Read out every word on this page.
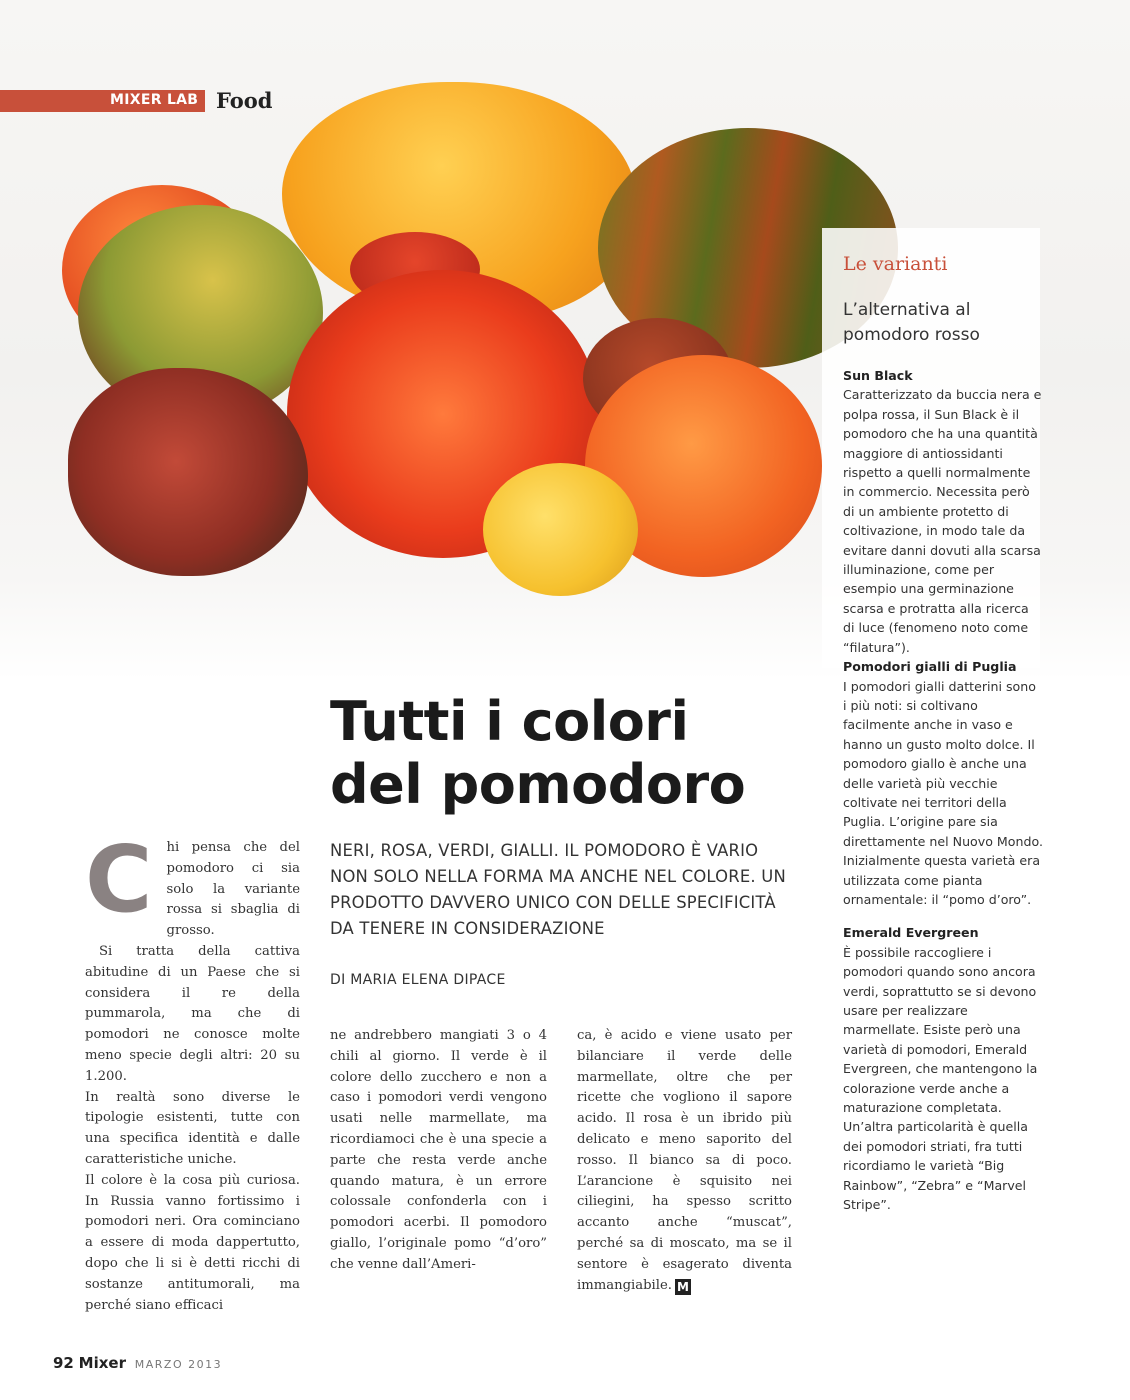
MIXER LAB Food
Le varianti
L’alternativa al pomodoro rosso
Sun Black

Caratterizzato da buccia nera e polpa rossa, il Sun Black è il pomodoro che ha una quantità maggiore di antiossidanti rispetto a quelli normalmente in commercio. Necessita però di un ambiente protetto di coltivazione, in modo tale da evitare danni dovuti alla scarsa illuminazione, come per esempio una germinazione scarsa e protratta alla ricerca di luce (fenomeno noto come “filatura”).

Pomodori gialli di Puglia

I pomodori gialli datterini sono i più noti: si coltivano facilmente anche in vaso e hanno un gusto molto dolce. Il pomodoro giallo è anche una delle varietà più vecchie coltivate nei territori della Puglia. L’origine pare sia direttamente nel Nuovo Mondo. Inizialmente questa varietà era utilizzata come pianta ornamentale: il “pomo d’oro”.

Emerald Evergreen

È possibile raccogliere i pomodori quando sono ancora verdi, soprattutto se si devono usare per realizzare marmellate. Esiste però una varietà di pomodori, Emerald Evergreen, che mantengono la colorazione verde anche a maturazione completata. Un’altra particolarità è quella dei pomodori striati, fra tutti ricordiamo le varietà “Big Rainbow”, “Zebra” e “Marvel Stripe”.

Tutti i colori
del pomodoro
NERI, ROSA, VERDI, GIALLI. IL POMODORO È VARIO NON SOLO NELLA FORMA MA ANCHE NEL COLORE. UN PRODOTTO DAVVERO UNICO CON DELLE SPECIFICITÀ DA TENERE IN CONSIDERAZIONE
DI MARIA ELENA DIPACE
C	hi pensa che del pomodoro ci sia solo la variante rossa si sbaglia di grosso.

Si tratta della cattiva abitudine di un Paese che si considera il re della pummarola, ma che di pomodori ne conosce molte meno specie degli altri: 20 su 1.200.

In realtà sono diverse le tipologie esistenti, tutte con una specifica identità e dalle caratteristiche uniche.

Il colore è la cosa più curiosa. In Russia vanno fortissimo i pomodori neri. Ora cominciano a essere di moda dappertutto, dopo che li si è detti ricchi di sostanze antitumorali, ma perché siano efficaci

ne andrebbero mangiati 3 o 4 chili al giorno. Il verde è il colore dello zucchero e non a caso i pomodori verdi vengono usati nelle marmellate, ma ricordiamoci che è una specie a parte che resta verde anche quando matura, è un errore colossale confonderla con i pomodori acerbi. Il pomodoro giallo, l’originale pomo “d’oro” che venne dall’Ameri-

ca, è acido e viene usato per bilanciare il verde delle marmellate, oltre che per ricette che vogliono il sapore acido. Il rosa è un ibrido più delicato e meno saporito del rosso. Il bianco sa di poco. L’arancione è squisito nei ciliegini, ha spesso scritto accanto anche “muscat”, perché sa di moscato, ma se il sentore è esagerato diventa immangiabile. M

92 Mixer MARZO 2013
